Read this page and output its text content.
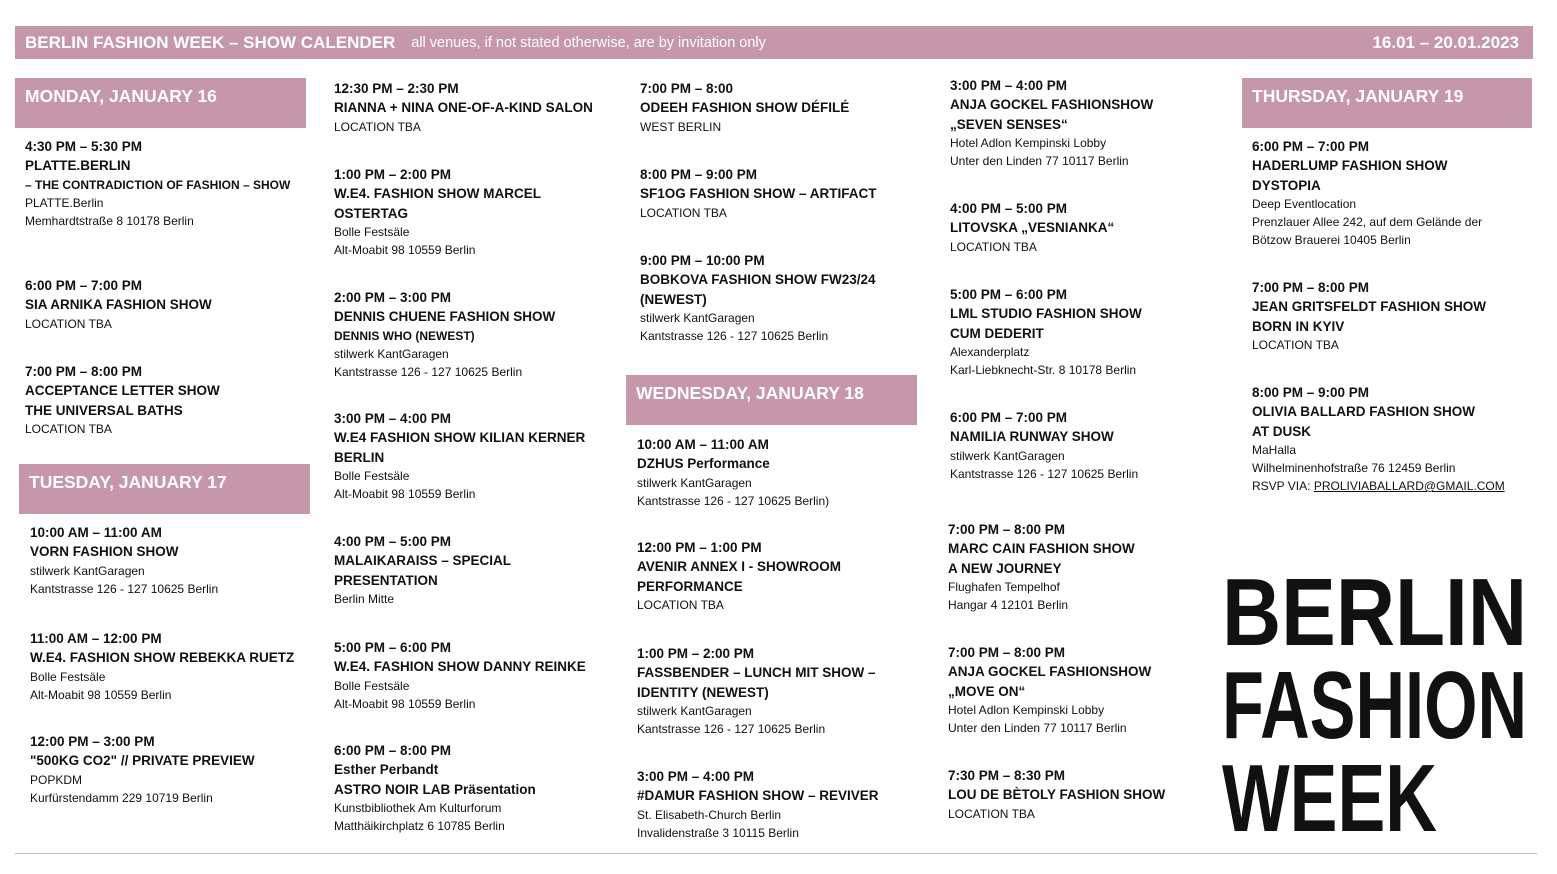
BERLIN FASHION WEEK – SHOW CALENDER all venues, if not stated otherwise, are by invitation only	16.01 – 20.01.2023
MONDAY, JANUARY 16
TUESDAY, JANUARY 17
WEDNESDAY, JANUARY 18
THURSDAY, JANUARY 19
4:30 PM – 5:30 PM
PLATTE.BERLIN
– THE CONTRADICTION OF FASHION – SHOW
PLATTE.Berlin
Memhardtstraße 8 10178 Berlin
6:00 PM – 7:00 PM
SIA ARNIKA FASHION SHOW
LOCATION TBA
7:00 PM – 8:00 PM
ACCEPTANCE LETTER SHOW
THE UNIVERSAL BATHS
LOCATION TBA
10:00 AM – 11:00 AM
VORN FASHION SHOW
stilwerk KantGaragen
Kantstrasse 126 - 127 10625 Berlin
11:00 AM – 12:00 PM
W.E4. FASHION SHOW REBEKKA RUETZ
Bolle Festsäle
Alt-Moabit 98 10559 Berlin
12:00 PM – 3:00 PM
"500KG CO2" // PRIVATE PREVIEW
POPKDM
Kurfürstendamm 229 10719 Berlin
12:30 PM – 2:30 PM
RIANNA + NINA ONE-OF-A-KIND SALON
LOCATION TBA
1:00 PM – 2:00 PM
W.E4. FASHION SHOW MARCEL OSTERTAG
Bolle Festsäle
Alt-Moabit 98 10559 Berlin
2:00 PM – 3:00 PM
DENNIS CHUENE FASHION SHOW
DENNIS WHO (NEWEST)
stilwerk KantGaragen
Kantstrasse 126 - 127 10625 Berlin
3:00 PM – 4:00 PM
W.E4 FASHION SHOW KILIAN KERNER BERLIN
Bolle Festsäle
Alt-Moabit 98 10559 Berlin
4:00 PM – 5:00 PM
MALAIKARAISS – SPECIAL PRESENTATION
Berlin Mitte
5:00 PM – 6:00 PM
W.E4. FASHION SHOW DANNY REINKE
Bolle Festsäle
Alt-Moabit 98 10559 Berlin
6:00 PM – 8:00 PM
Esther Perbandt
ASTRO NOIR LAB Präsentation
Kunstbibliothek Am Kulturforum
Matthäikirchplatz 6 10785 Berlin
7:00 PM – 8:00
ODEEH FASHION SHOW DÉFILÉ
WEST BERLIN
8:00 PM – 9:00 PM
SF1OG FASHION SHOW – ARTIFACT
LOCATION TBA
9:00 PM – 10:00 PM
BOBKOVA FASHION SHOW FW23/24 (NEWEST)
stilwerk KantGaragen
Kantstrasse 126 - 127 10625 Berlin
10:00 AM – 11:00 AM
DZHUS Performance
stilwerk KantGaragen
Kantstrasse 126 - 127 10625 Berlin)
12:00 PM – 1:00 PM
AVENIR ANNEX I - SHOWROOM PERFORMANCE
LOCATION TBA
1:00 PM – 2:00 PM
FASSBENDER – LUNCH MIT SHOW – IDENTITY (NEWEST)
stilwerk KantGaragen
Kantstrasse 126 - 127 10625 Berlin
3:00 PM – 4:00 PM
#DAMUR FASHION SHOW – REVIVER
St. Elisabeth-Church Berlin
Invalidenstraße 3 10115 Berlin
3:00 PM – 4:00 PM
ANJA GOCKEL FASHIONSHOW
„SEVEN SENSES“
Hotel Adlon Kempinski Lobby
Unter den Linden 77 10117 Berlin
4:00 PM – 5:00 PM
LITOVSKA „VESNIANKA“
LOCATION TBA
5:00 PM – 6:00 PM
LML STUDIO FASHION SHOW CUM DEDERIT
Alexanderplatz
Karl-Liebknecht-Str. 8 10178 Berlin
6:00 PM – 7:00 PM
NAMILIA RUNWAY SHOW
stilwerk KantGaragen
Kantstrasse 126 - 127 10625 Berlin
7:00 PM – 8:00 PM
MARC CAIN FASHION SHOW
A NEW JOURNEY
Flughafen Tempelhof
Hangar 4 12101 Berlin
7:00 PM – 8:00 PM
ANJA GOCKEL FASHIONSHOW
„MOVE ON“
Hotel Adlon Kempinski Lobby
Unter den Linden 77 10117 Berlin
7:30 PM – 8:30 PM
LOU DE BÈTOLY FASHION SHOW
LOCATION TBA
6:00 PM – 7:00 PM
HADERLUMP FASHION SHOW DYSTOPIA
Deep Eventlocation
Prenzlauer Allee 242, auf dem Gelände der Bötzow Brauerei 10405 Berlin
7:00 PM – 8:00 PM
JEAN GRITSFELDT FASHION SHOW BORN IN KYIV
LOCATION TBA
8:00 PM – 9:00 PM
OLIVIA BALLARD FASHION SHOW AT DUSK
MaHalla
Wilhelminenhofstraße 76 12459 Berlin
RSVP VIA: PROLIVIABALLARD@GMAIL.COM
BERLIN
FASHION
WEEK
